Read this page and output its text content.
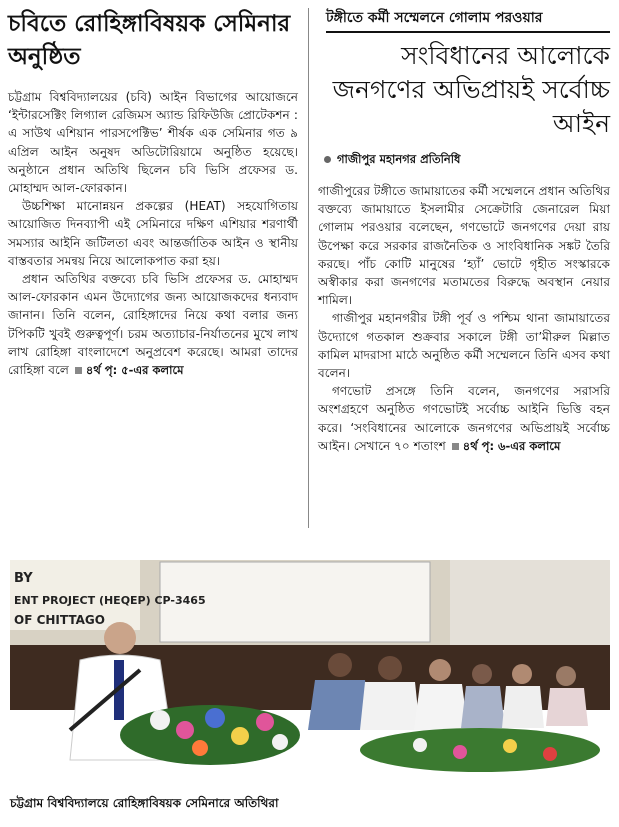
চবিতে রোহিঙ্গাবিষয়ক সেমিনার অনুষ্ঠিত

চট্টগ্রাম বিশ্ববিদ্যালয়ের (চবি) আইন বিভাগের আয়োজনে ‘ইন্টারসেক্টিং লিগ্যাল রেজিমস অ্যান্ড রিফিউজি প্রোটেকশন : এ সাউথ এশিয়ান পারসপেক্টিভ’ শীর্ষক এক সেমিনার গত ৯ এপ্রিল আইন অনুষদ অডিটোরিয়ামে অনুষ্ঠিত হয়েছে। অনুষ্ঠানে প্রধান অতিথি ছিলেন চবি ভিসি প্রফেসর ড. মোহাম্মদ আল-ফোরকান।

উচ্চশিক্ষা মানোন্নয়ন প্রকল্পের (HEAT) সহযোগিতায় আয়োজিত দিনব্যাপী এই সেমিনারে দক্ষিণ এশিয়ার শরণার্থী সমস্যার আইনি জটিলতা এবং আন্তর্জাতিক আইন ও স্থানীয় বাস্তবতার সমন্বয় নিয়ে আলোকপাত করা হয়।

প্রধান অতিথির বক্তব্যে চবি ভিসি প্রফেসর ড. মোহাম্মদ আল-ফোরকান এমন উদ্যোগের জন্য আয়োজকদের ধন্যবাদ জানান। তিনি বলেন, রোহিঙ্গাদের নিয়ে কথা বলার জন্য টপিকটি খুবই গুরুত্বপূর্ণ। চরম অত্যাচার-নির্যাতনের মুখে লাখ লাখ রোহিঙ্গা বাংলাদেশে অনুপ্রবেশ করেছে। আমরা তাদের রোহিঙ্গা বলে ৪র্থ পৃ: ৫-এর কলামে

টঙ্গীতে কর্মী সম্মেলনে গোলাম পরওয়ার
সংবিধানের আলোকে জনগণের অভিপ্রায়ই সর্বোচ্চ আইন
গাজীপুর মহানগর প্রতিনিধি

গাজীপুরের টঙ্গীতে জামায়াতের কর্মী সম্মেলনে প্রধান অতিথির বক্তব্যে জামায়াতে ইসলামীর সেক্রেটারি জেনারেল মিয়া গোলাম পরওয়ার বলেছেন, গণভোটে জনগণের দেয়া রায় উপেক্ষা করে সরকার রাজনৈতিক ও সাংবিধানিক সঙ্কট তৈরি করছে। পাঁচ কোটি মানুষের ‘হ্যাঁ’ ভোটে গৃহীত সংস্কারকে অস্বীকার করা জনগণের মতামতের বিরুদ্ধে অবস্থান নেয়ার শামিল।

গাজীপুর মহানগরীর টঙ্গী পূর্ব ও পশ্চিম থানা জামায়াতের উদ্যোগে গতকাল শুক্রবার সকালে টঙ্গী তা’মীরুল মিল্লাত কামিল মাদরাসা মাঠে অনুষ্ঠিত কর্মী সম্মেলনে তিনি এসব কথা বলেন।

গণভোট প্রসঙ্গে তিনি বলেন, জনগণের সরাসরি অংশগ্রহণে অনুষ্ঠিত গণভোটই সর্বোচ্চ আইনি ভিত্তি বহন করে। ‘সংবিধানের আলোকে জনগণের অভিপ্রায়ই সর্বোচ্চ আইন। সেখানে ৭০ শতাংশ ৪র্থ পৃ: ৬-এর কলামে

BY
ENT PROJECT (HEQEP) CP-3465
OF CHITTAGO
চট্টগ্রাম বিশ্ববিদ্যালয়ে রোহিঙ্গাবিষয়ক সেমিনারে অতিথিরা
